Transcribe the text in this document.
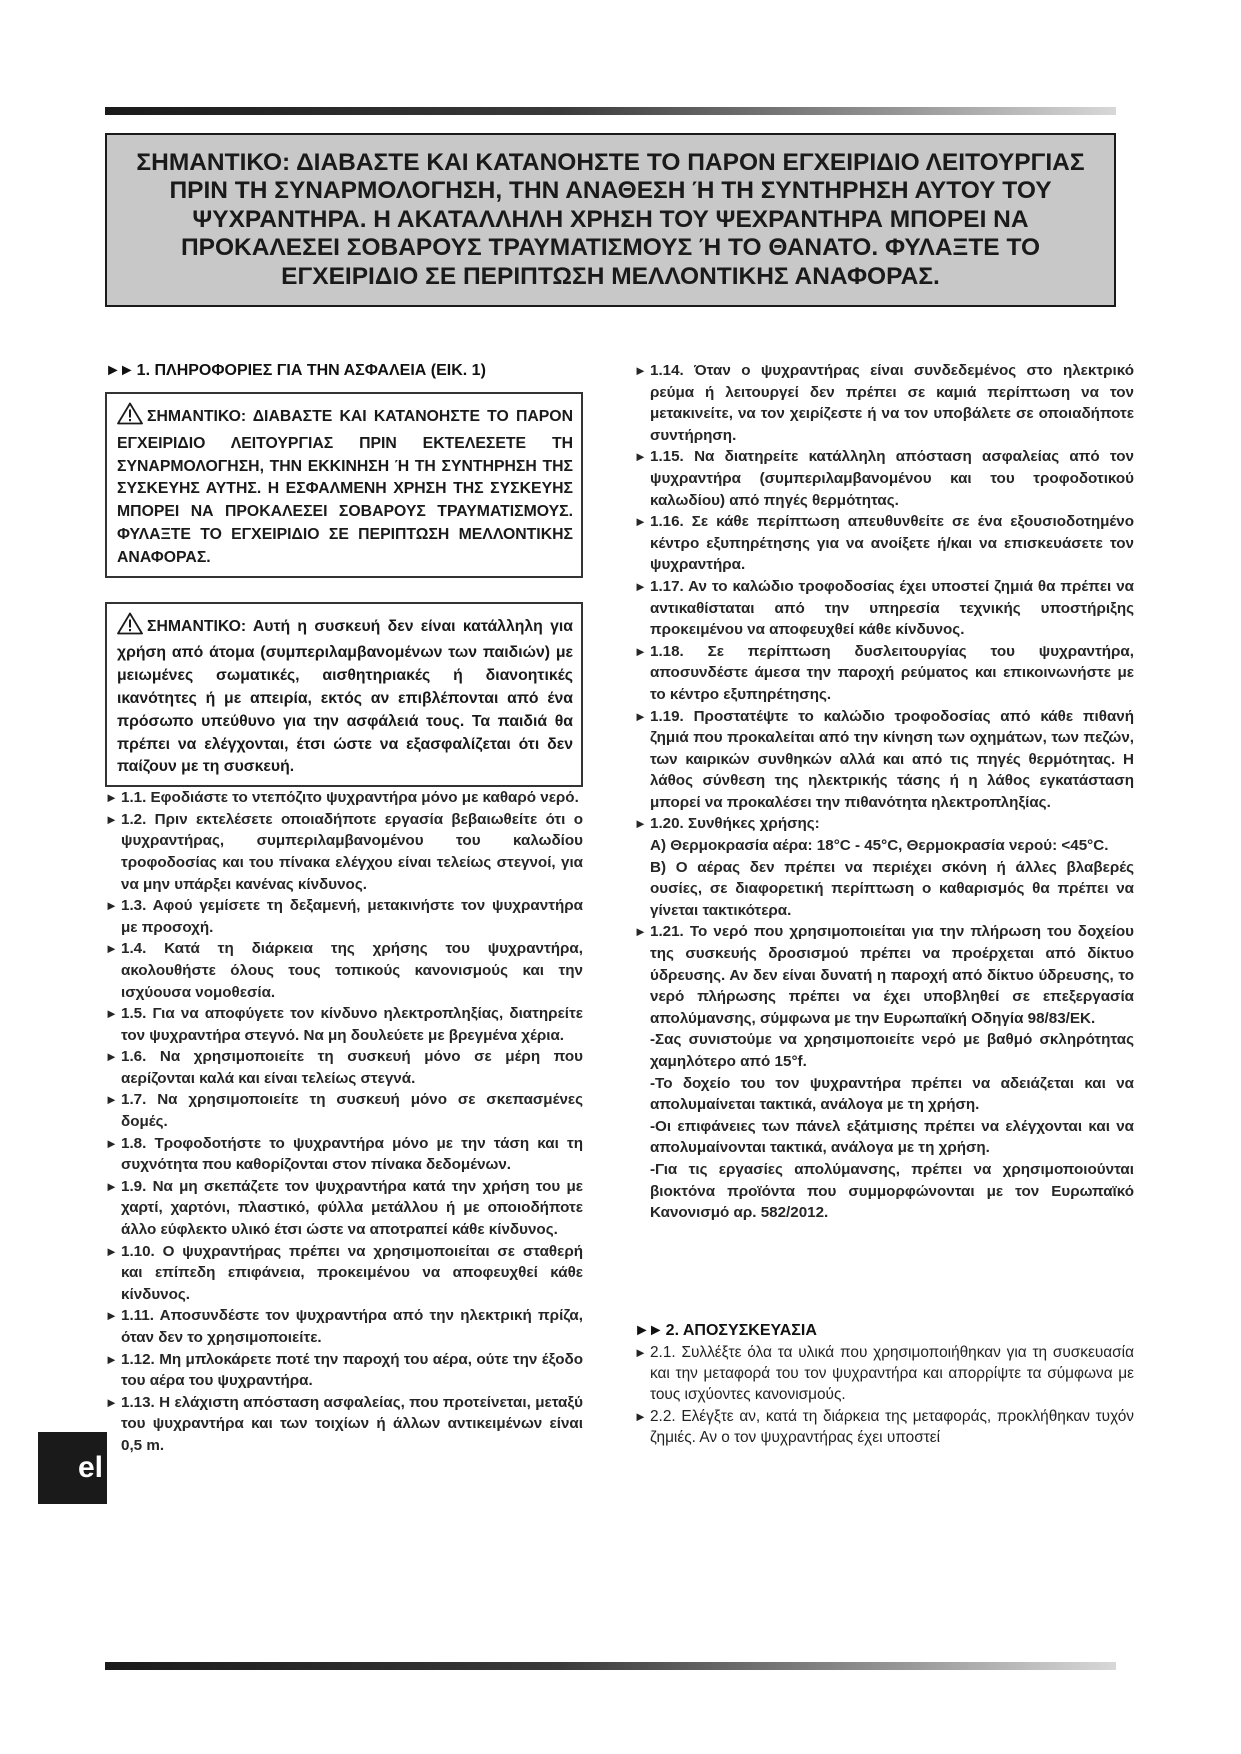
ΣΗΜΑΝΤΙΚΟ: ΔΙΑΒΑΣΤΕ ΚΑΙ ΚΑΤΑΝΟΗΣΤΕ ΤΟ ΠΑΡΟΝ ΕΓΧΕΙΡΙΔΙΟ ΛΕΙΤΟΥΡΓΙΑΣ ΠΡΙΝ ΤΗ ΣΥΝΑΡΜΟΛΟΓΗΣΗ, ΤΗΝ ΑΝΑΘΕΣΗ Ή ΤΗ ΣΥΝΤΗΡΗΣΗ ΑΥΤΟΥ ΤΟΥ ΨΥΧΡΑΝΤΗΡΑ. Η ΑΚΑΤΑΛΛΗΛΗ ΧΡΗΣΗ ΤΟΥ ΨΕΧΡΑΝΤΗΡΑ ΜΠΟΡΕΙ ΝΑ ΠΡΟΚΑΛΕΣΕΙ ΣΟΒΑΡΟΥΣ ΤΡΑΥΜΑΤΙΣΜΟΥΣ Ή ΤΟ ΘΑΝΑΤΟ. ΦΥΛΑΞΤΕ ΤΟ ΕΓΧΕΙΡΙΔΙΟ ΣΕ ΠΕΡΙΠΤΩΣΗ ΜΕΛΛΟΝΤΙΚΗΣ ΑΝΑΦΟΡΑΣ.
►► 1. ΠΛΗΡΟΦΟΡΙΕΣ ΓΙΑ ΤΗΝ ΑΣΦΑΛΕΙΑ (ΕΙΚ. 1)
ΣΗΜΑΝΤΙΚΟ: ΔΙΑΒΑΣΤΕ ΚΑΙ ΚΑΤΑΝΟΗΣΤΕ ΤΟ ΠΑΡΟΝ ΕΓΧΕΙΡΙΔΙΟ ΛΕΙΤΟΥΡΓΙΑΣ ΠΡΙΝ ΕΚΤΕΛΕΣΕΤΕ ΤΗ ΣΥΝΑΡΜΟΛΟΓΗΣΗ, ΤΗΝ ΕΚΚΙΝΗΣΗ Ή ΤΗ ΣΥΝΤΗΡΗΣΗ ΤΗΣ ΣΥΣΚΕΥΗΣ ΑΥΤΗΣ. Η ΕΣΦΑΛΜΕΝΗ ΧΡΗΣΗ ΤΗΣ ΣΥΣΚΕΥΗΣ ΜΠΟΡΕΙ ΝΑ ΠΡΟΚΑΛΕΣΕΙ ΣΟΒΑΡΟΥΣ ΤΡΑΥΜΑΤΙΣΜΟΥΣ. ΦΥΛΑΞΤΕ ΤΟ ΕΓΧΕΙΡΙΔΙΟ ΣΕ ΠΕΡΙΠΤΩΣΗ ΜΕΛΛΟΝΤΙΚΗΣ ΑΝΑΦΟΡΑΣ.
ΣΗΜΑΝΤΙΚΟ: Αυτή η συσκευή δεν είναι κατάλληλη για χρήση από άτομα (συμπεριλαμβανομένων των παιδιών) με μειωμένες σωματικές, αισθητηριακές ή διανοητικές ικανότητες ή με απειρία, εκτός αν επιβλέπονται από ένα πρόσωπο υπεύθυνο για την ασφάλειά τους. Τα παιδιά θα πρέπει να ελέγχονται, έτσι ώστε να εξασφαλίζεται ότι δεν παίζουν με τη συσκευή.

► 1.1. Εφοδιάστε το ντεπόζιτο ψυχραντήρα μόνο με καθαρό νερό.

► 1.2. Πριν εκτελέσετε οποιαδήποτε εργασία βεβαιωθείτε ότι ο ψυχραντήρας, συμπεριλαμβανομένου του καλωδίου τροφοδοσίας και του πίνακα ελέγχου είναι τελείως στεγνοί, για να μην υπάρξει κανένας κίνδυνος.

► 1.3. Αφού γεμίσετε τη δεξαμενή, μετακινήστε τον ψυχραντήρα με προσοχή.

► 1.4. Κατά τη διάρκεια της χρήσης του ψυχραντήρα, ακολουθήστε όλους τους τοπικούς κανονισμούς και την ισχύουσα νομοθεσία.

► 1.5. Για να αποφύγετε τον κίνδυνο ηλεκτροπληξίας, διατηρείτε τον ψυχραντήρα στεγνό. Να μη δουλεύετε με βρεγμένα χέρια.

► 1.6. Να χρησιμοποιείτε τη συσκευή μόνο σε μέρη που αερίζονται καλά και είναι τελείως στεγνά.

► 1.7. Να χρησιμοποιείτε τη συσκευή μόνο σε σκεπασμένες δομές.

► 1.8. Τροφοδοτήστε το ψυχραντήρα μόνο με την τάση και τη συχνότητα που καθορίζονται στον πίνακα δεδομένων.

► 1.9. Να μη σκεπάζετε τον ψυχραντήρα κατά την χρήση του με χαρτί, χαρτόνι, πλαστικό, φύλλα μετάλλου ή με οποιοδήποτε άλλο εύφλεκτο υλικό έτσι ώστε να αποτραπεί κάθε κίνδυνος.

► 1.10. Ο ψυχραντήρας πρέπει να χρησιμοποιείται σε σταθερή και επίπεδη επιφάνεια, προκειμένου να αποφευχθεί κάθε κίνδυνος.

► 1.11. Αποσυνδέστε τον ψυχραντήρα από την ηλεκτρική πρίζα, όταν δεν το χρησιμοποιείτε.

► 1.12. Μη μπλοκάρετε ποτέ την παροχή του αέρα, ούτε την έξοδο του αέρα του ψυχραντήρα.

► 1.13. Η ελάχιστη απόσταση ασφαλείας, που προτείνεται, μεταξύ του ψυχραντήρα και των τοιχίων ή άλλων αντικειμένων είναι 0,5 m.

► 1.14. Όταν ο ψυχραντήρας είναι συνδεδεμένος στο ηλεκτρικό ρεύμα ή λειτουργεί δεν πρέπει σε καμιά περίπτωση να τον μετακινείτε, να τον χειρίζεστε ή να τον υποβάλετε σε οποιαδήποτε συντήρηση.

► 1.15. Να διατηρείτε κατάλληλη απόσταση ασφαλείας από τον ψυχραντήρα (συμπεριλαμβανομένου και του τροφοδοτικού καλωδίου) από πηγές θερμότητας.

► 1.16. Σε κάθε περίπτωση απευθυνθείτε σε ένα εξουσιοδοτημένο κέντρο εξυπηρέτησης για να ανοίξετε ή/και να επισκευάσετε τον ψυχραντήρα.

► 1.17. Αν το καλώδιο τροφοδοσίας έχει υποστεί ζημιά θα πρέπει να αντικαθίσταται από την υπηρεσία τεχνικής υποστήριξης προκειμένου να αποφευχθεί κάθε κίνδυνος.

► 1.18. Σε περίπτωση δυσλειτουργίας του ψυχραντήρα, αποσυνδέστε άμεσα την παροχή ρεύματος και επικοινωνήστε με το κέντρο εξυπηρέτησης.

► 1.19. Προστατέψτε το καλώδιο τροφοδοσίας από κάθε πιθανή ζημιά που προκαλείται από την κίνηση των οχημάτων, των πεζών, των καιρικών συνθηκών αλλά και από τις πηγές θερμότητας. Η λάθος σύνθεση της ηλεκτρικής τάσης ή η λάθος εγκατάσταση μπορεί να προκαλέσει την πιθανότητα ηλεκτροπληξίας.

► 1.20. Συνθήκες χρήσης:

Α) Θερμοκρασία αέρα: 18°C - 45°C, Θερμοκρασία νερού: <45°C.

Β) Ο αέρας δεν πρέπει να περιέχει σκόνη ή άλλες βλαβερές ουσίες, σε διαφορετική περίπτωση ο καθαρισμός θα πρέπει να γίνεται τακτικότερα.

► 1.21. Το νερό που χρησιμοποιείται για την πλήρωση του δοχείου της συσκευής δροσισμού πρέπει να προέρχεται από δίκτυο ύδρευσης. Αν δεν είναι δυνατή η παροχή από δίκτυο ύδρευσης, το νερό πλήρωσης πρέπει να έχει υποβληθεί σε επεξεργασία απολύμανσης, σύμφωνα με την Ευρωπαϊκή Οδηγία 98/83/ΕΚ.

-Σας συνιστούμε να χρησιμοποιείτε νερό με βαθμό σκληρότητας χαμηλότερο από 15°f.

-Το δοχείο του τον ψυχραντήρα πρέπει να αδειάζεται και να απολυμαίνεται τακτικά, ανάλογα με τη χρήση.

-Οι επιφάνειες των πάνελ εξάτμισης πρέπει να ελέγχονται και να απολυμαίνονται τακτικά, ανάλογα με τη χρήση.

-Για τις εργασίες απολύμανσης, πρέπει να χρησιμοποιούνται βιοκτόνα προϊόντα που συμμορφώνονται με τον Ευρωπαϊκό Κανονισμό αρ. 582/2012.

►► 2. ΑΠΟΣΥΣΚΕΥΑΣΙΑ

► 2.1. Συλλέξτε όλα τα υλικά που χρησιμοποιήθηκαν για τη συσκευασία και την μεταφορά του τον ψυχραντήρα και απορρίψτε τα σύμφωνα με τους ισχύοντες κανονισμούς.

► 2.2. Ελέγξτε αν, κατά τη διάρκεια της μεταφοράς, προκλήθηκαν τυχόν ζημιές. Αν ο τον ψυχραντήρας έχει υποστεί

el
